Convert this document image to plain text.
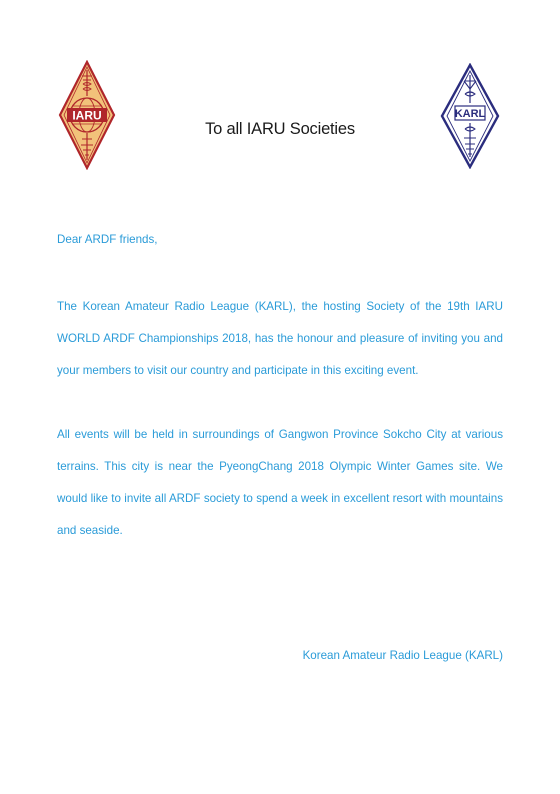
IARU
To all IARU Societies
KARL
Dear ARDF friends,

The Korean Amateur Radio League (KARL), the hosting Society of the 19th IARU WORLD ARDF Championships 2018, has the honour and pleasure of inviting you and your members to visit our country and participate in this exciting event.

All events will be held in surroundings of Gangwon Province Sokcho City at various terrains. This city is near the PyeongChang 2018 Olympic Winter Games site. We would like to invite all ARDF society to spend a week in excellent resort with mountains and seaside.

Korean Amateur Radio League (KARL)
